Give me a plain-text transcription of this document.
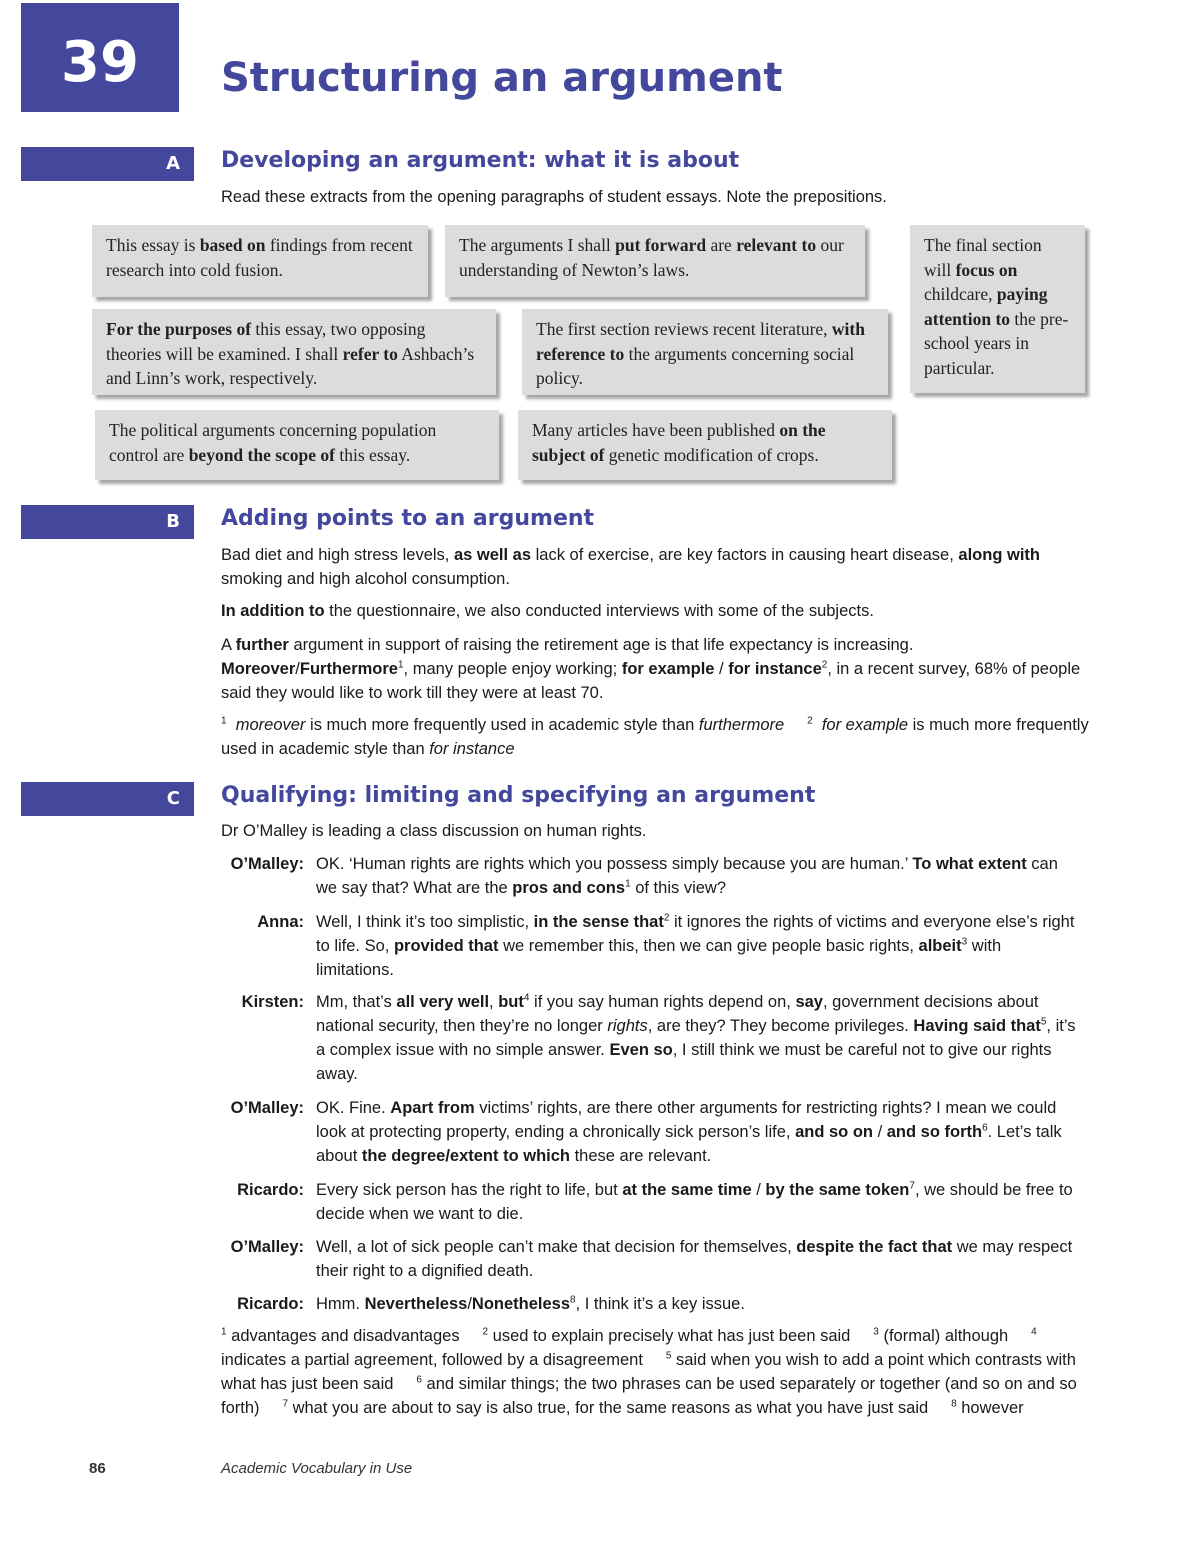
39	Structuring an argument
A	Developing an argument: what it is about

Read these extracts from the opening paragraphs of student essays. Note the prepositions.

This essay is based on findings from recent research into cold fusion.
The arguments I shall put forward are relevant to our understanding of Newton’s laws.
The final section will focus on childcare, paying attention to the pre-school years in particular.
For the purposes of this essay, two opposing theories will be examined. I shall refer to Ashbach’s and Linn’s work, respectively.
The first section reviews recent literature, with reference to the arguments concerning social policy.
The political arguments concerning population control are beyond the scope of this essay.
Many articles have been published on the subject of genetic modification of crops.
B	Adding points to an argument

Bad diet and high stress levels, as well as lack of exercise, are key factors in causing heart disease, along with smoking and high alcohol consumption.

In addition to the questionnaire, we also conducted interviews with some of the subjects.

A further argument in support of raising the retirement age is that life expectancy is increasing. Moreover/Furthermore$^1$, many people enjoy working; for example / for instance$^2$, in a recent survey, 68% of people said they would like to work till they were at least 70.

$^1$ moreover is much more frequently used in academic style than furthermore $^2$ for example is much more frequently used in academic style than for instance

C	Qualifying: limiting and specifying an argument

Dr O’Malley is leading a class discussion on human rights.

O’Malley: OK. ‘Human rights are rights which you possess simply because you are human.’ To what extent can we say that? What are the pros and cons$^1$ of this view?

Anna: Well, I think it’s too simplistic, in the sense that$^2$ it ignores the rights of victims and everyone else’s right to life. So, provided that we remember this, then we can give people basic rights, albeit$^3$ with limitations.

Kirsten: Mm, that’s all very well, but$^4$ if you say human rights depend on, say, government decisions about national security, then they’re no longer rights, are they? They become privileges. Having said that$^5$, it’s a complex issue with no simple answer. Even so, I still think we must be careful not to give our rights away.

O’Malley: OK. Fine. Apart from victims’ rights, are there other arguments for restricting rights? I mean we could look at protecting property, ending a chronically sick person’s life, and so on / and so forth$^6$. Let’s talk about the degree/extent to which these are relevant.

Ricardo: Every sick person has the right to life, but at the same time / by the same token$^7$, we should be free to decide when we want to die.

O’Malley: Well, a lot of sick people can’t make that decision for themselves, despite the fact that we may respect their right to a dignified death.

Ricardo: Hmm. Nevertheless/Nonetheless$^8$, I think it’s a key issue.

$^1$ advantages and disadvantages     $^2$ used to explain precisely what has just been said     $^3$ (formal) although     $^4$ indicates a partial agreement, followed by a disagreement     $^5$ said when you wish to add a point which contrasts with what has just been said     $^6$ and similar things; the two phrases can be used separately or together (and so on and so forth)     $^7$ what you are about to say is also true, for the same reasons as what you have just said     $^8$ however

86	Academic Vocabulary in Use
